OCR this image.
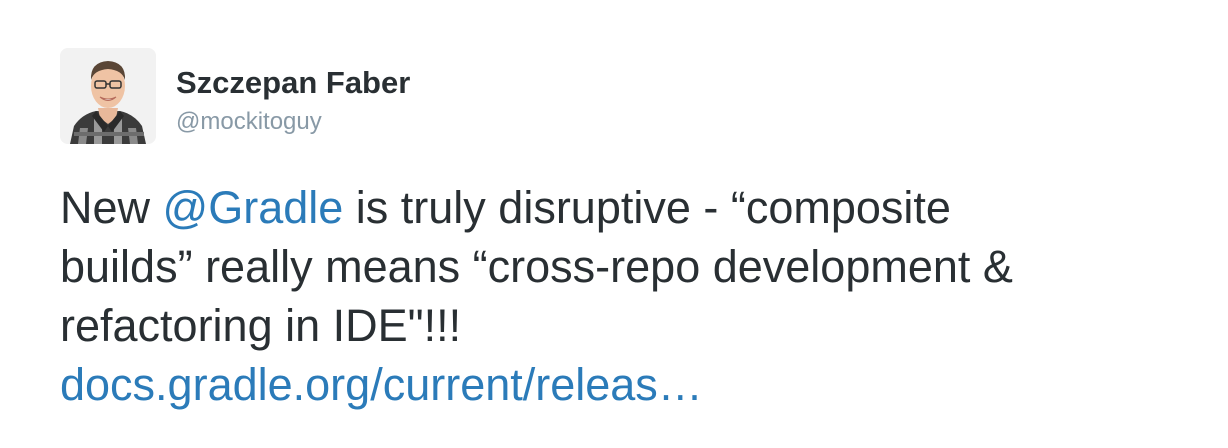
Szczepan Faber
@mockitoguy
New @Gradle is truly disruptive - “composite
builds” really means “cross-repo development &
refactoring in IDE"!!!
docs.gradle.org/current/releas…
